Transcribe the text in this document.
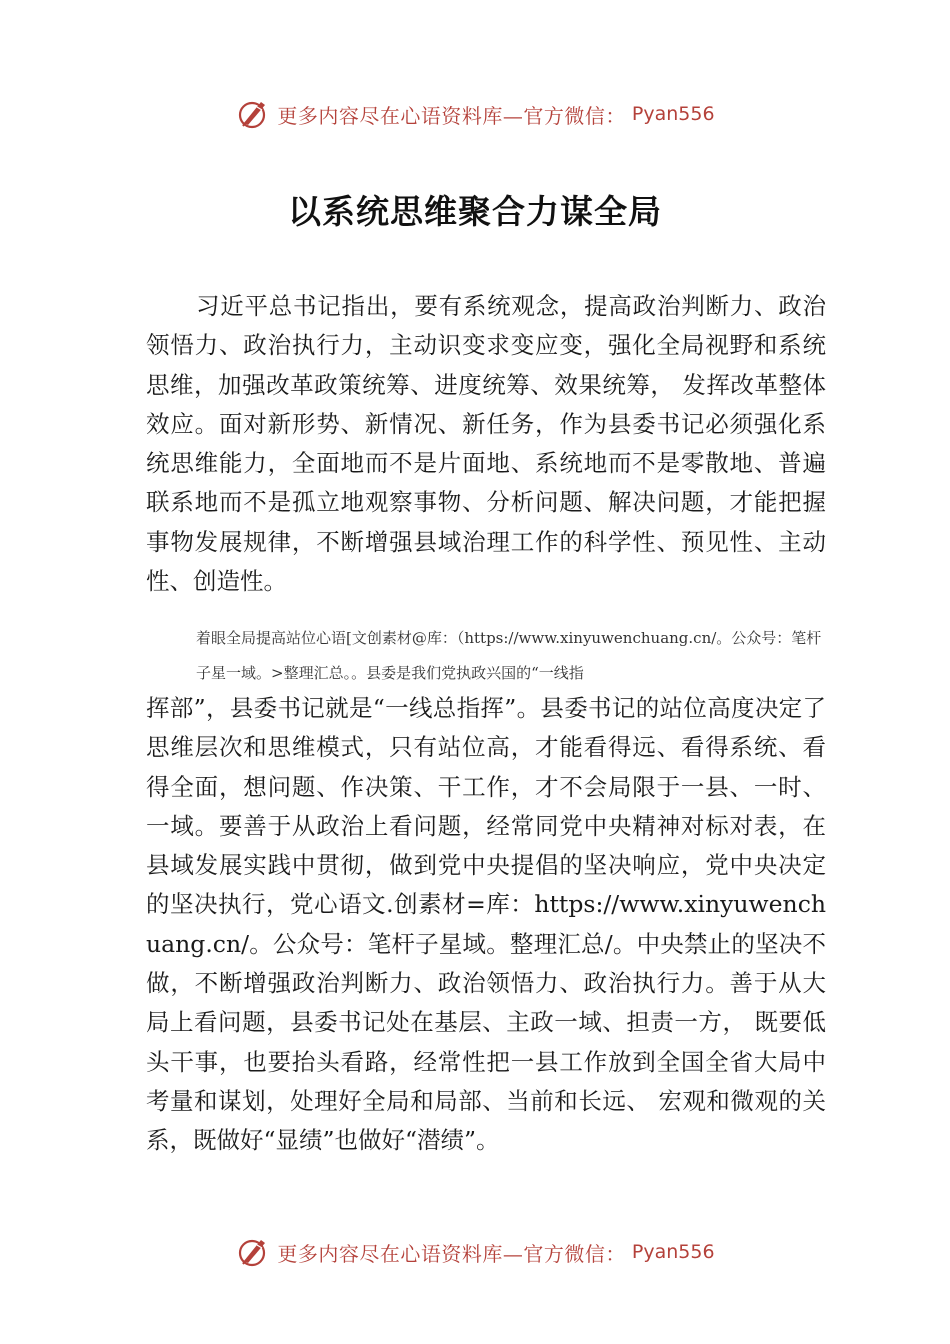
更多内容尽在心语资料库—官方微信： Pyan556
以系统思维聚合力谋全局

习近平总书记指出，要有系统观念，提高政治判断力、政治领悟力、政治执行力，主动识变求变应变，强化全局视野和系统思维，加强改革政策统筹、进度统筹、效果统筹， 发挥改革整体效应。面对新形势、新情况、新任务，作为县委书记必须强化系统思维能力，全面地而不是片面地、系统地而不是零散地、普遍联系地而不是孤立地观察事物、分析问题、解决问题，才能把握事物发展规律，不断增强县域治理工作的科学性、预见性、主动性、创造性。

着眼全局提高站位心语[文创素材@库：（https://www.xinyuwenchuang.cn/。公众号：笔杆子星一域。>整理汇总。。县委是我们党执政兴国的“一线指

挥部”，县委书记就是“一线总指挥”。县委书记的站位高度决定了思维层次和思维模式，只有站位高，才能看得远、看得系统、看得全面，想问题、作决策、干工作，才不会局限于一县、一时、一域。要善于从政治上看问题，经常同党中央精神对标对表，在县域发展实践中贯彻，做到党中央提倡的坚决响应，党中央决定的坚决执行，党心语文.创素材=库：https://www.xinyuwenchuang.cn/。公众号：笔杆子星域。整理汇总/。中央禁止的坚决不做，不断增强政治判断力、政治领悟力、政治执行力。善于从大局上看问题，县委书记处在基层、主政一域、担责一方， 既要低头干事，也要抬头看路，经常性把一县工作放到全国全省大局中考量和谋划，处理好全局和局部、当前和长远、 宏观和微观的关系，既做好“显绩”也做好“潜绩”。

更多内容尽在心语资料库—官方微信： Pyan556
